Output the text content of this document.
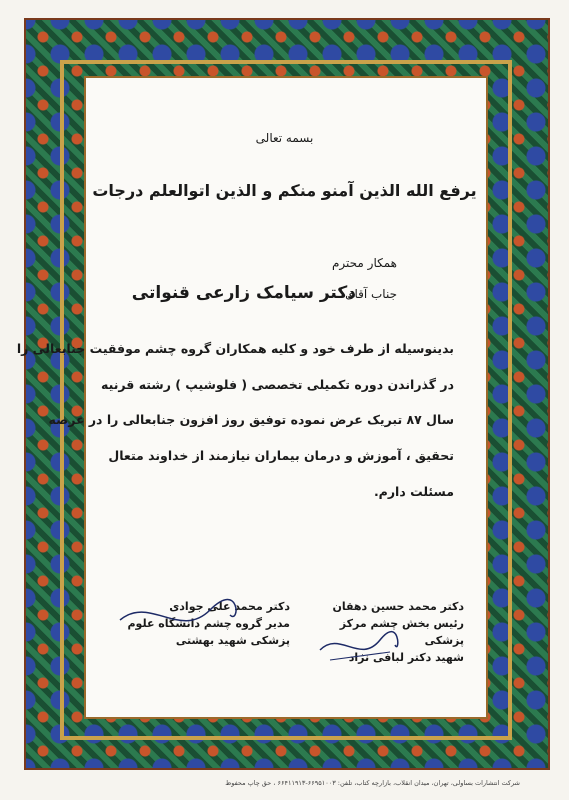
بسمه تعالی
یرفع الله الذین آمنو منکم و الذین اتوالعلم درجات
همکار محترم
جناب آقای
دکتر سیامک زارعی قنواتی
بدینوسیله از طرف خود و کلیه همکاران گروه چشم موفقیت جنابعالی را
در گذراندن دوره تکمیلی تخصصی ( فلوشیپ ) رشته قرنیه
سال ۸۷ تبریک عرض نموده توفیق روز افزون جنابعالی را در عرصه
تحقیق ، آموزش و درمان بیماران نیازمند از خداوند متعال
مسئلت دارم.
دکتر محمد حسین دهقان
رئیس بخش چشم مرکز پزشکی
شهید دکتر لبافی نژاد
دکتر محمد علی جوادی
مدیر گروه چشم دانشگاه علوم
پزشکی شهید بهشتی
شرکت انتشارات بساولی، تهران، میدان انقلاب، بازارچه کتاب، تلفن: ۶۶۹۵۱۰۰۳-۶۶۴۱۱۹۱۳ ، حق چاپ محفوظ
